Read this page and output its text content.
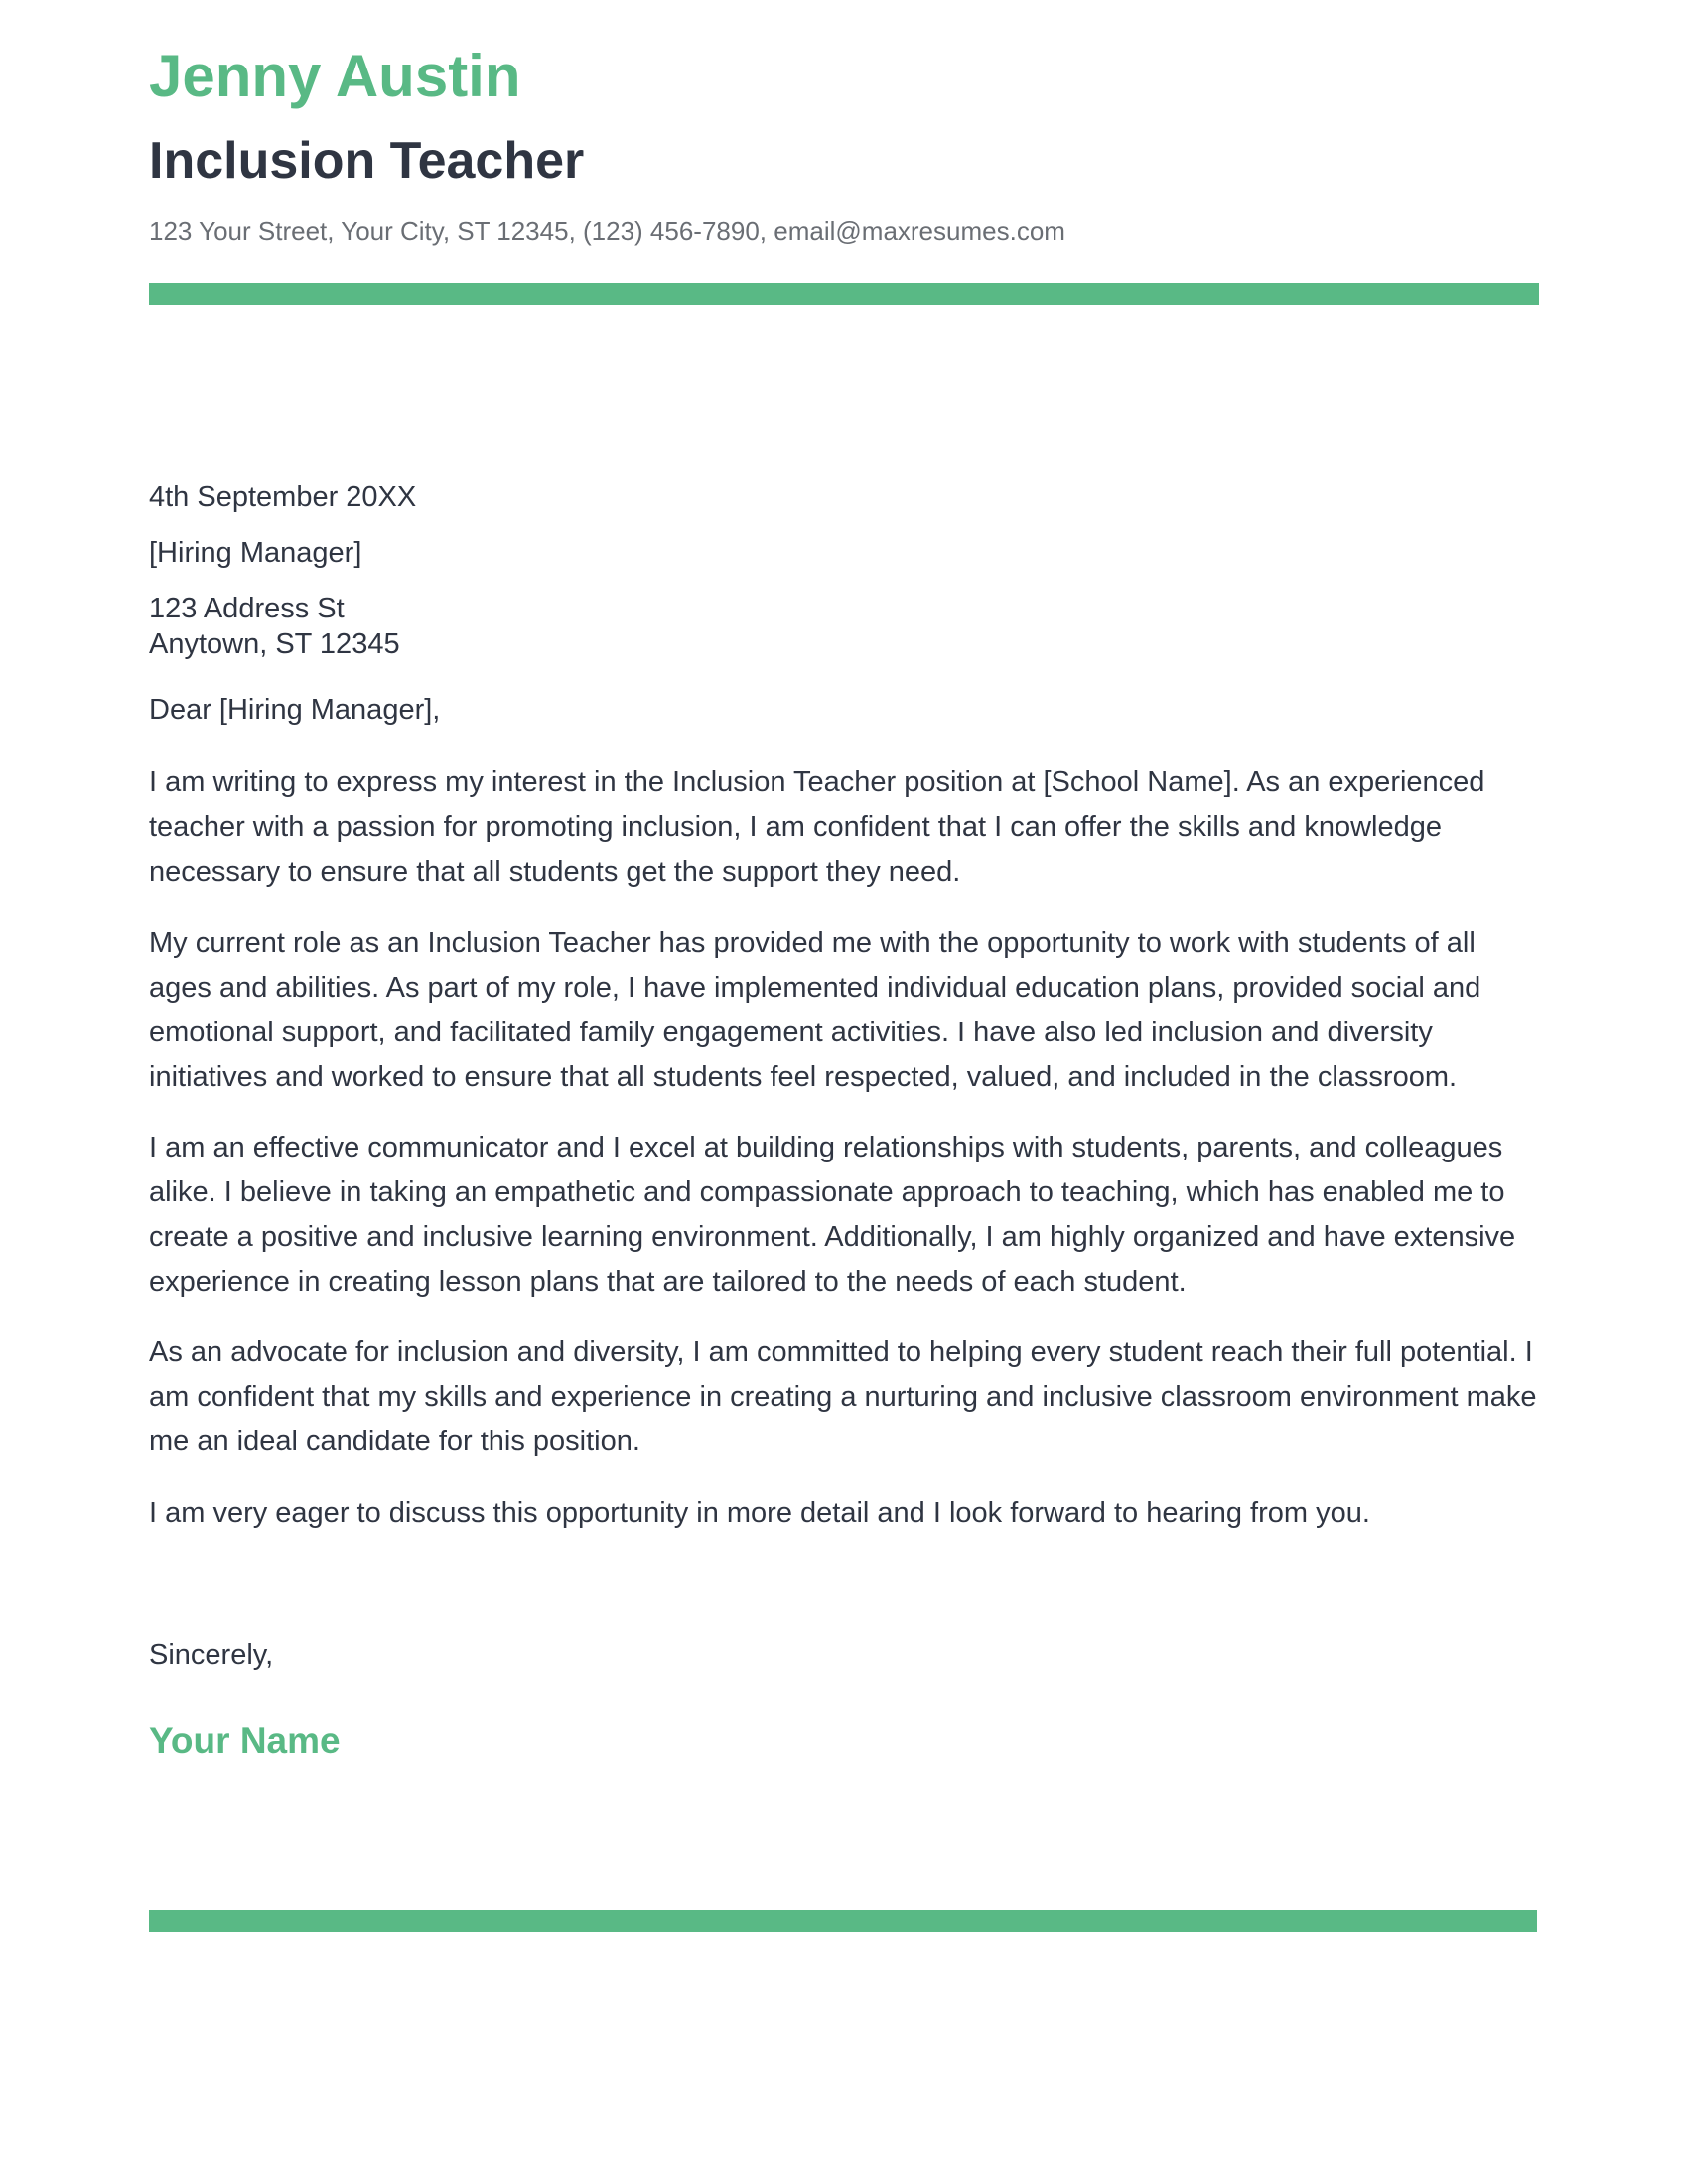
Jenny Austin
Inclusion Teacher
123 Your Street, Your City, ST 12345, (123) 456-7890, email@maxresumes.com
4th September 20XX
[Hiring Manager]
123 Address St
Anytown, ST 12345
Dear [Hiring Manager],
I am writing to express my interest in the Inclusion Teacher position at [School Name]. As an experienced teacher with a passion for promoting inclusion, I am confident that I can offer the skills and knowledge necessary to ensure that all students get the support they need.
My current role as an Inclusion Teacher has provided me with the opportunity to work with students of all ages and abilities. As part of my role, I have implemented individual education plans, provided social and emotional support, and facilitated family engagement activities. I have also led inclusion and diversity initiatives and worked to ensure that all students feel respected, valued, and included in the classroom.
I am an effective communicator and I excel at building relationships with students, parents, and colleagues alike. I believe in taking an empathetic and compassionate approach to teaching, which has enabled me to create a positive and inclusive learning environment. Additionally, I am highly organized and have extensive experience in creating lesson plans that are tailored to the needs of each student.
As an advocate for inclusion and diversity, I am committed to helping every student reach their full potential. I am confident that my skills and experience in creating a nurturing and inclusive classroom environment make me an ideal candidate for this position.
I am very eager to discuss this opportunity in more detail and I look forward to hearing from you.
Sincerely,
Your Name
